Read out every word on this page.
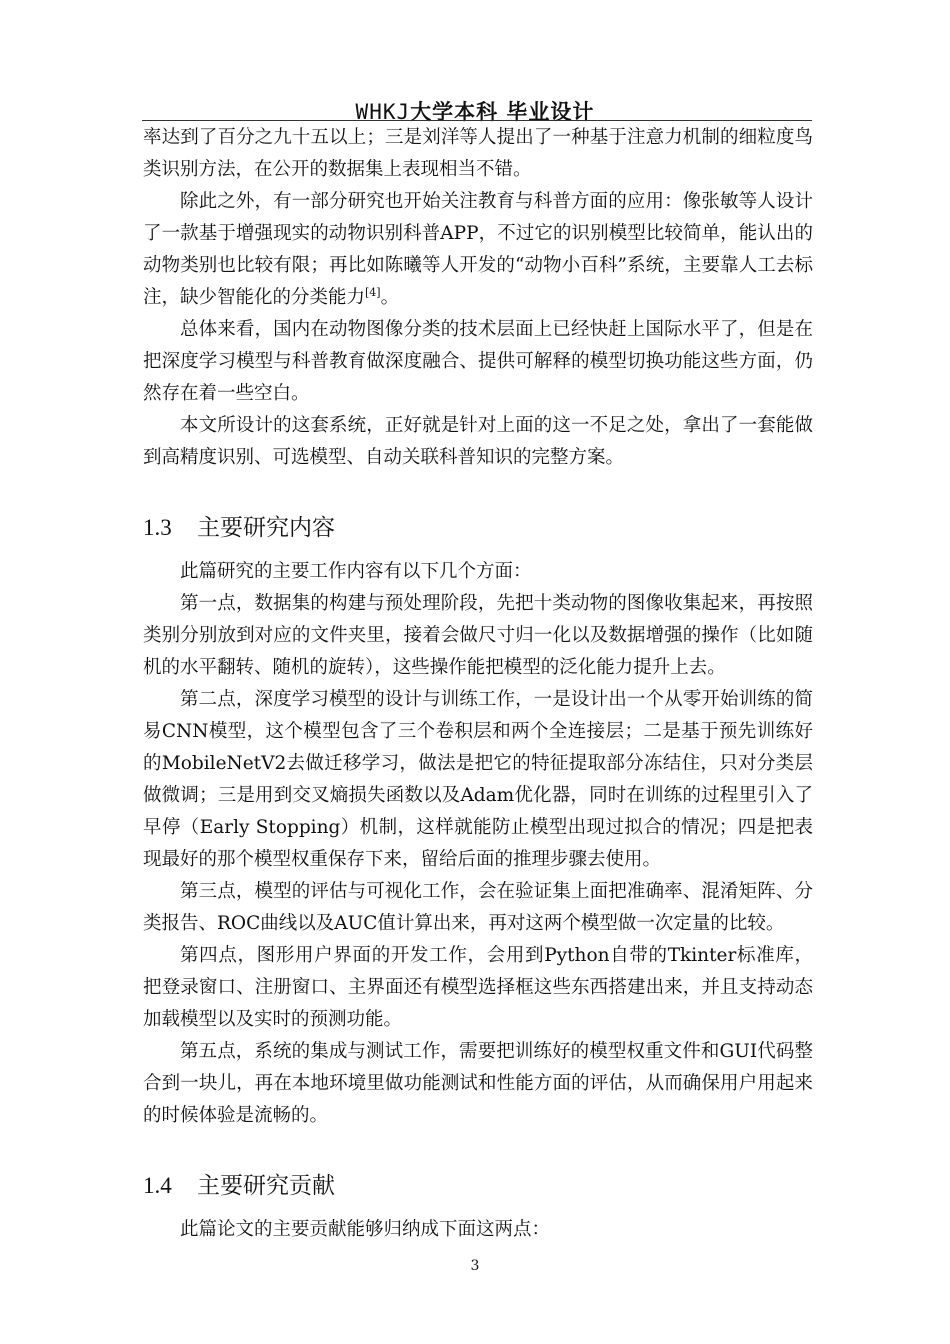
WHKJ大学本科 毕业设计

率达到了百分之九十五以上；三是刘洋等人提出了一种基于注意力机制的细粒度鸟类识别方法，在公开的数据集上表现相当不错。

除此之外，有一部分研究也开始关注教育与科普方面的应用：像张敏等人设计了一款基于增强现实的动物识别科普APP，不过它的识别模型比较简单，能认出的动物类别也比较有限；再比如陈曦等人开发的“动物小百科”系统，主要靠人工去标注，缺少智能化的分类能力[4]。

总体来看，国内在动物图像分类的技术层面上已经快赶上国际水平了，但是在把深度学习模型与科普教育做深度融合、提供可解释的模型切换功能这些方面，仍然存在着一些空白。

本文所设计的这套系统，正好就是针对上面的这一不足之处，拿出了一套能做到高精度识别、可选模型、自动关联科普知识的完整方案。

1.3 主要研究内容

此篇研究的主要工作内容有以下几个方面：

第一点，数据集的构建与预处理阶段，先把十类动物的图像收集起来，再按照类别分别放到对应的文件夹里，接着会做尺寸归一化以及数据增强的操作（比如随机的水平翻转、随机的旋转），这些操作能把模型的泛化能力提升上去。

第二点，深度学习模型的设计与训练工作，一是设计出一个从零开始训练的简易CNN模型，这个模型包含了三个卷积层和两个全连接层；二是基于预先训练好的MobileNetV2去做迁移学习，做法是把它的特征提取部分冻结住，只对分类层做微调；三是用到交叉熵损失函数以及Adam优化器，同时在训练的过程里引入了早停（Early Stopping）机制，这样就能防止模型出现过拟合的情况；四是把表现最好的那个模型权重保存下来，留给后面的推理步骤去使用。

第三点，模型的评估与可视化工作，会在验证集上面把准确率、混淆矩阵、分类报告、ROC曲线以及AUC值计算出来，再对这两个模型做一次定量的比较。

第四点，图形用户界面的开发工作，会用到Python自带的Tkinter标准库，把登录窗口、注册窗口、主界面还有模型选择框这些东西搭建出来，并且支持动态加载模型以及实时的预测功能。

第五点，系统的集成与测试工作，需要把训练好的模型权重文件和GUI代码整合到一块儿，再在本地环境里做功能测试和性能方面的评估，从而确保用户用起来的时候体验是流畅的。

1.4 主要研究贡献

此篇论文的主要贡献能够归纳成下面这两点：

3
